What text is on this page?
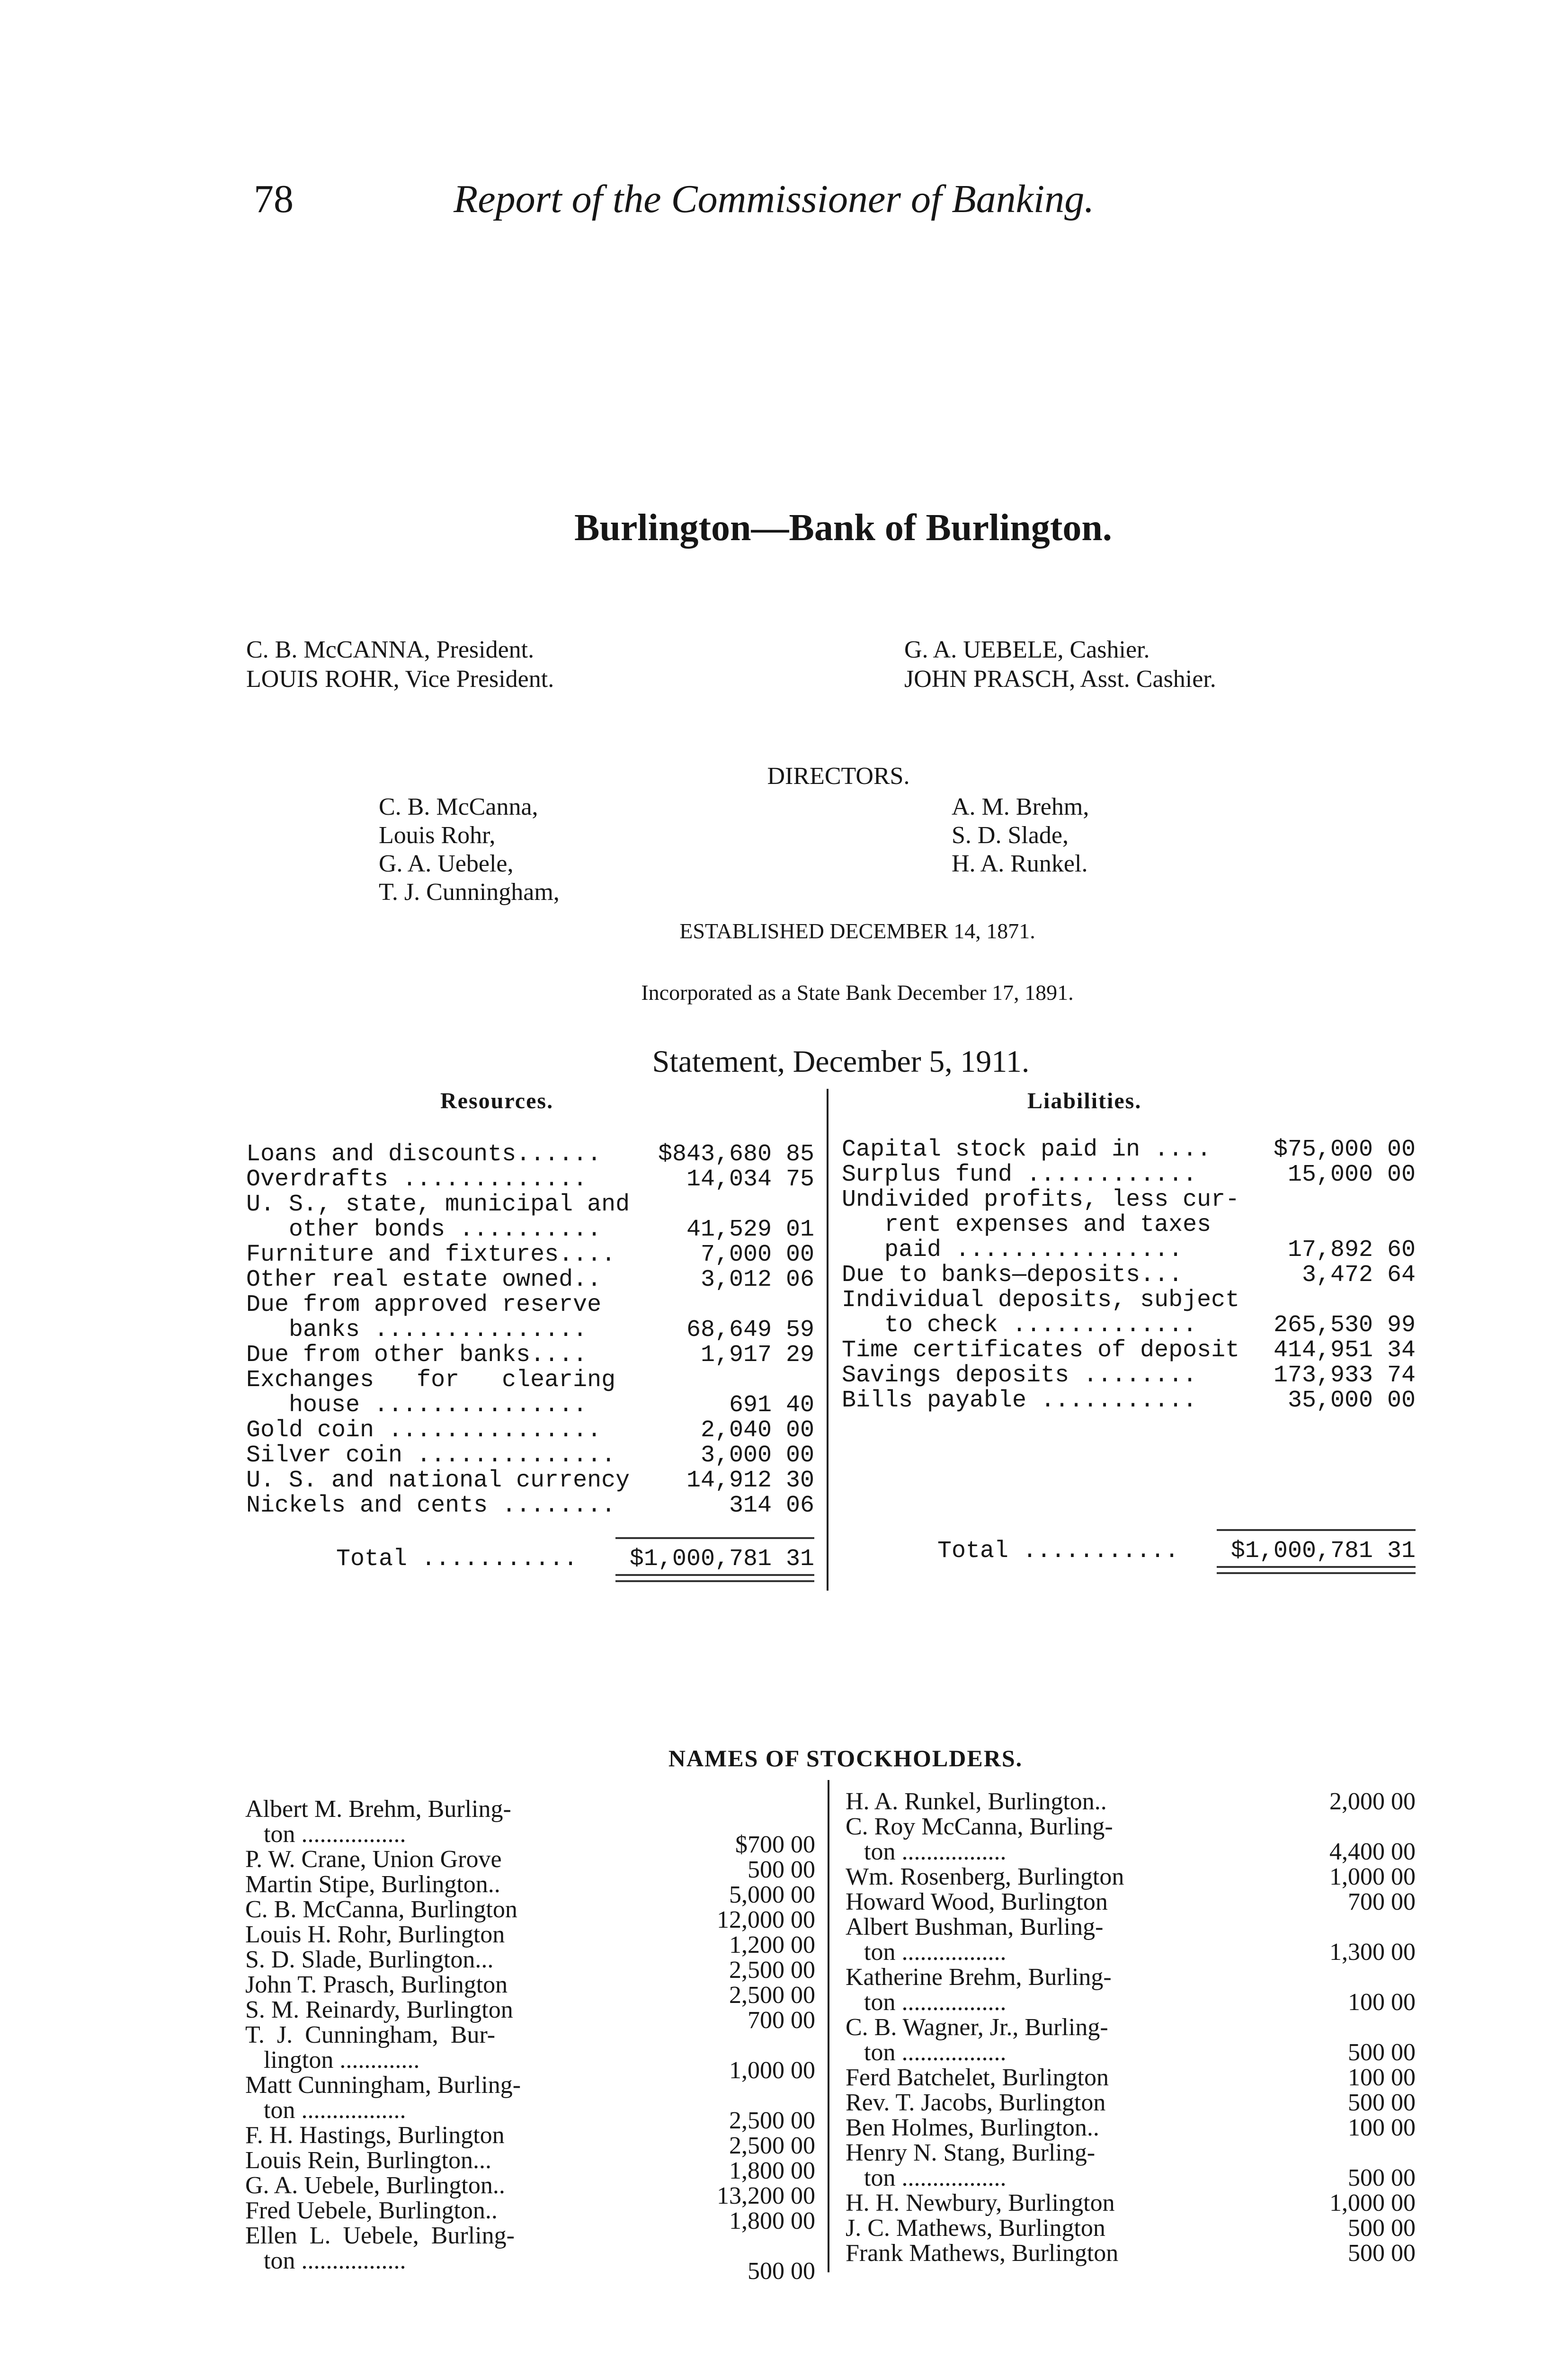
78	Report of the Commissioner of Banking.
Burlington—Bank of Burlington.
C. B. McCANNA, President.
LOUIS ROHR, Vice President.
G. A. UEBELE, Cashier.
JOHN PRASCH, Asst. Cashier.
DIRECTORS.
C. B. McCanna,
Louis Rohr,
G. A. Uebele,
T. J. Cunningham,
A. M. Brehm,
S. D. Slade,
H. A. Runkel.
ESTABLISHED DECEMBER 14, 1871.
Incorporated as a State Bank December 17, 1891.
Statement, December 5, 1911.
Resources.	Liabilities.
Loans and discounts......	$843,680 85
Overdrafts .............	14,034 75
U. S., state, municipal and
other bonds ..........	41,529 01
Furniture and fixtures....	7,000 00
Other real estate owned..	3,012 06
Due from approved reserve
banks ...............	68,649 59
Due from other banks....	1,917 29
Exchanges   for   clearing
house ...............	691 40
Gold coin ...............	2,040 00
Silver coin ..............	3,000 00
U. S. and national currency	14,912 30
Nickels and cents ........	314 06
Total ...........	$1,000,781 31
Capital stock paid in ....	$75,000 00
Surplus fund ............	15,000 00
Undivided profits, less cur-
rent expenses and taxes
paid ................	17,892 60
Due to banks—deposits...	3,472 64
Individual deposits, subject
to check .............	265,530 99
Time certificates of deposit	414,951 34
Savings deposits ........	173,933 74
Bills payable ...........	35,000 00
Total ...........	$1,000,781 31
NAMES OF STOCKHOLDERS.
Albert M. Brehm, Burling-
ton .................	$700 00
P. W. Crane, Union Grove	500 00
Martin Stipe, Burlington..	5,000 00
C. B. McCanna, Burlington	12,000 00
Louis H. Rohr, Burlington	1,200 00
S. D. Slade, Burlington...	2,500 00
John T. Prasch, Burlington	2,500 00
S. M. Reinardy, Burlington	700 00
T.  J.  Cunningham,  Bur-
lington .............	1,000 00
Matt Cunningham, Burling-
ton .................	2,500 00
F. H. Hastings, Burlington	2,500 00
Louis Rein, Burlington...	1,800 00
G. A. Uebele, Burlington..	13,200 00
Fred Uebele, Burlington..	1,800 00
Ellen  L.  Uebele,  Burling-
ton .................	500 00
H. A. Runkel, Burlington..	2,000 00
C. Roy McCanna, Burling-
ton .................	4,400 00
Wm. Rosenberg, Burlington	1,000 00
Howard Wood, Burlington	700 00
Albert Bushman, Burling-
ton .................	1,300 00
Katherine Brehm, Burling-
ton .................	100 00
C. B. Wagner, Jr., Burling-
ton .................	500 00
Ferd Batchelet, Burlington	100 00
Rev. T. Jacobs, Burlington	500 00
Ben Holmes, Burlington..	100 00
Henry N. Stang, Burling-
ton .................	500 00
H. H. Newbury, Burlington	1,000 00
J. C. Mathews, Burlington	500 00
Frank Mathews, Burlington	500 00
